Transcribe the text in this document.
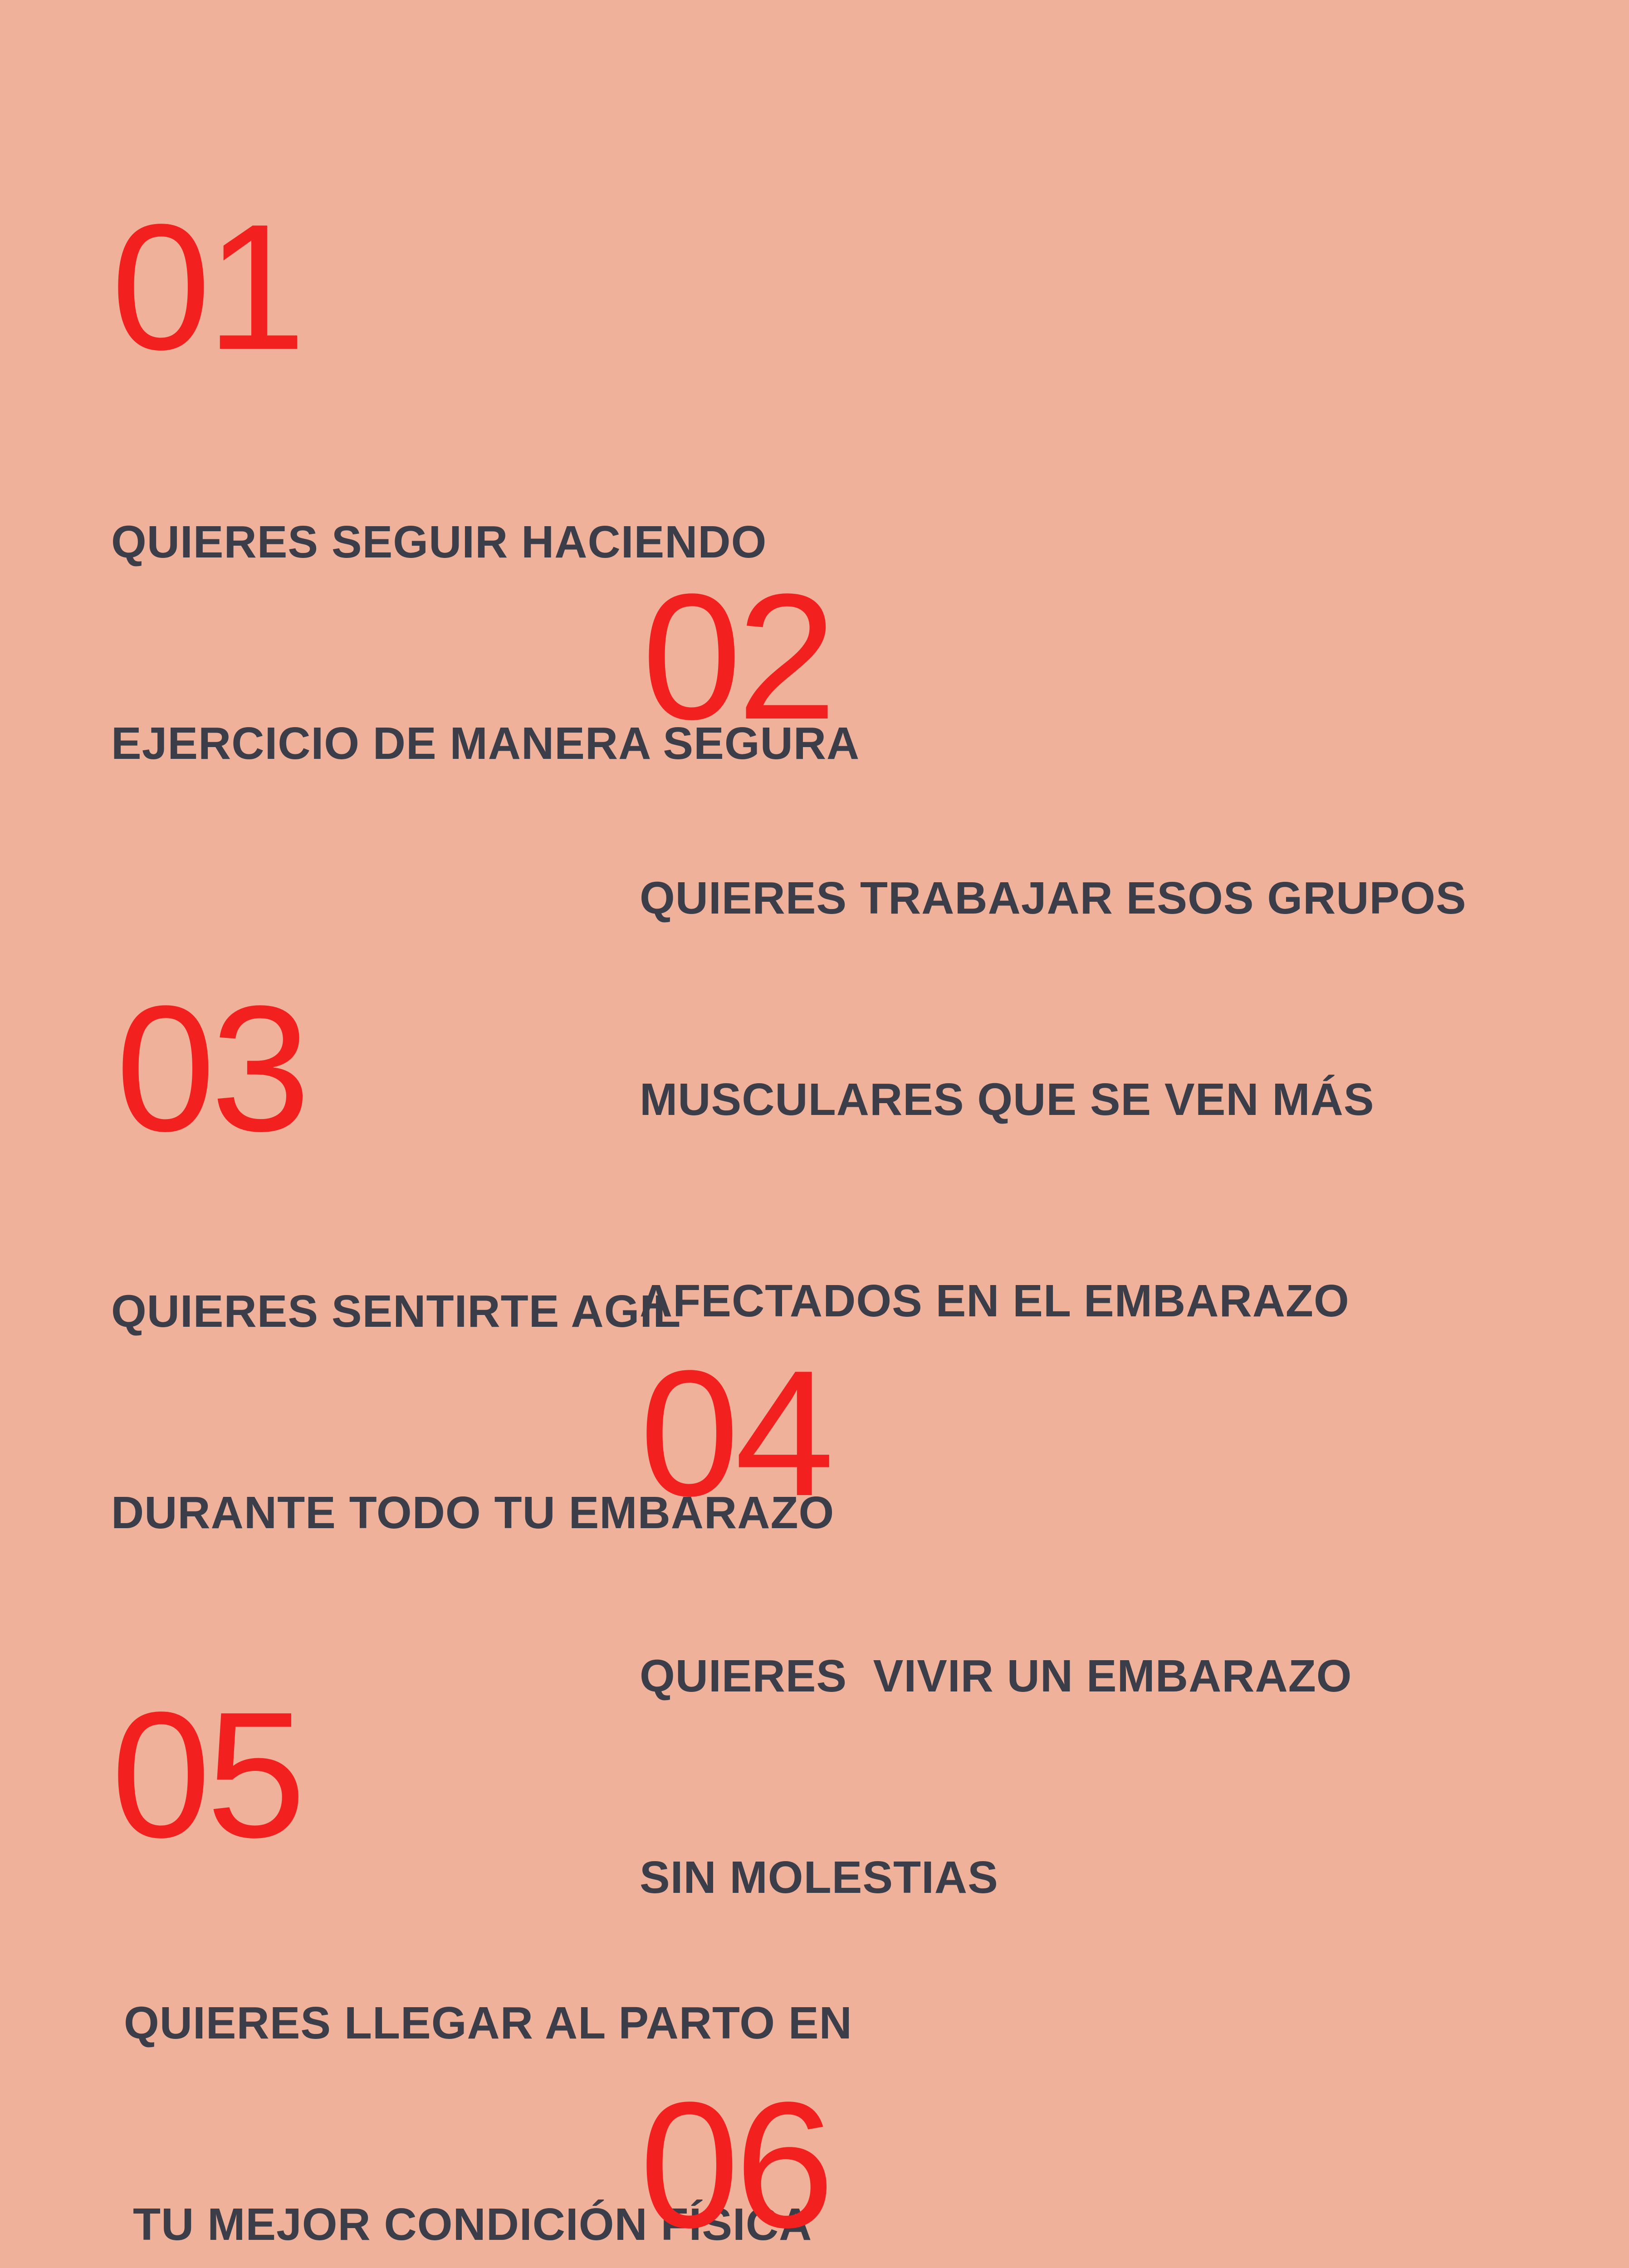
01

QUIERES SEGUIR HACIENDO

EJERCICIO DE MANERA SEGURA

02

QUIERES TRABAJAR ESOS GRUPOS

MUSCULARES QUE SE VEN MÁS

AFECTADOS EN EL EMBARAZO

03

QUIERES SENTIRTE AGIL

DURANTE TODO TU EMBARAZO

04

QUIERES  VIVIR UN EMBARAZO

SIN MOLESTIAS

05

QUIERES LLEGAR AL PARTO EN

TU MEJOR CONDICIÓN FÍSICA

06
